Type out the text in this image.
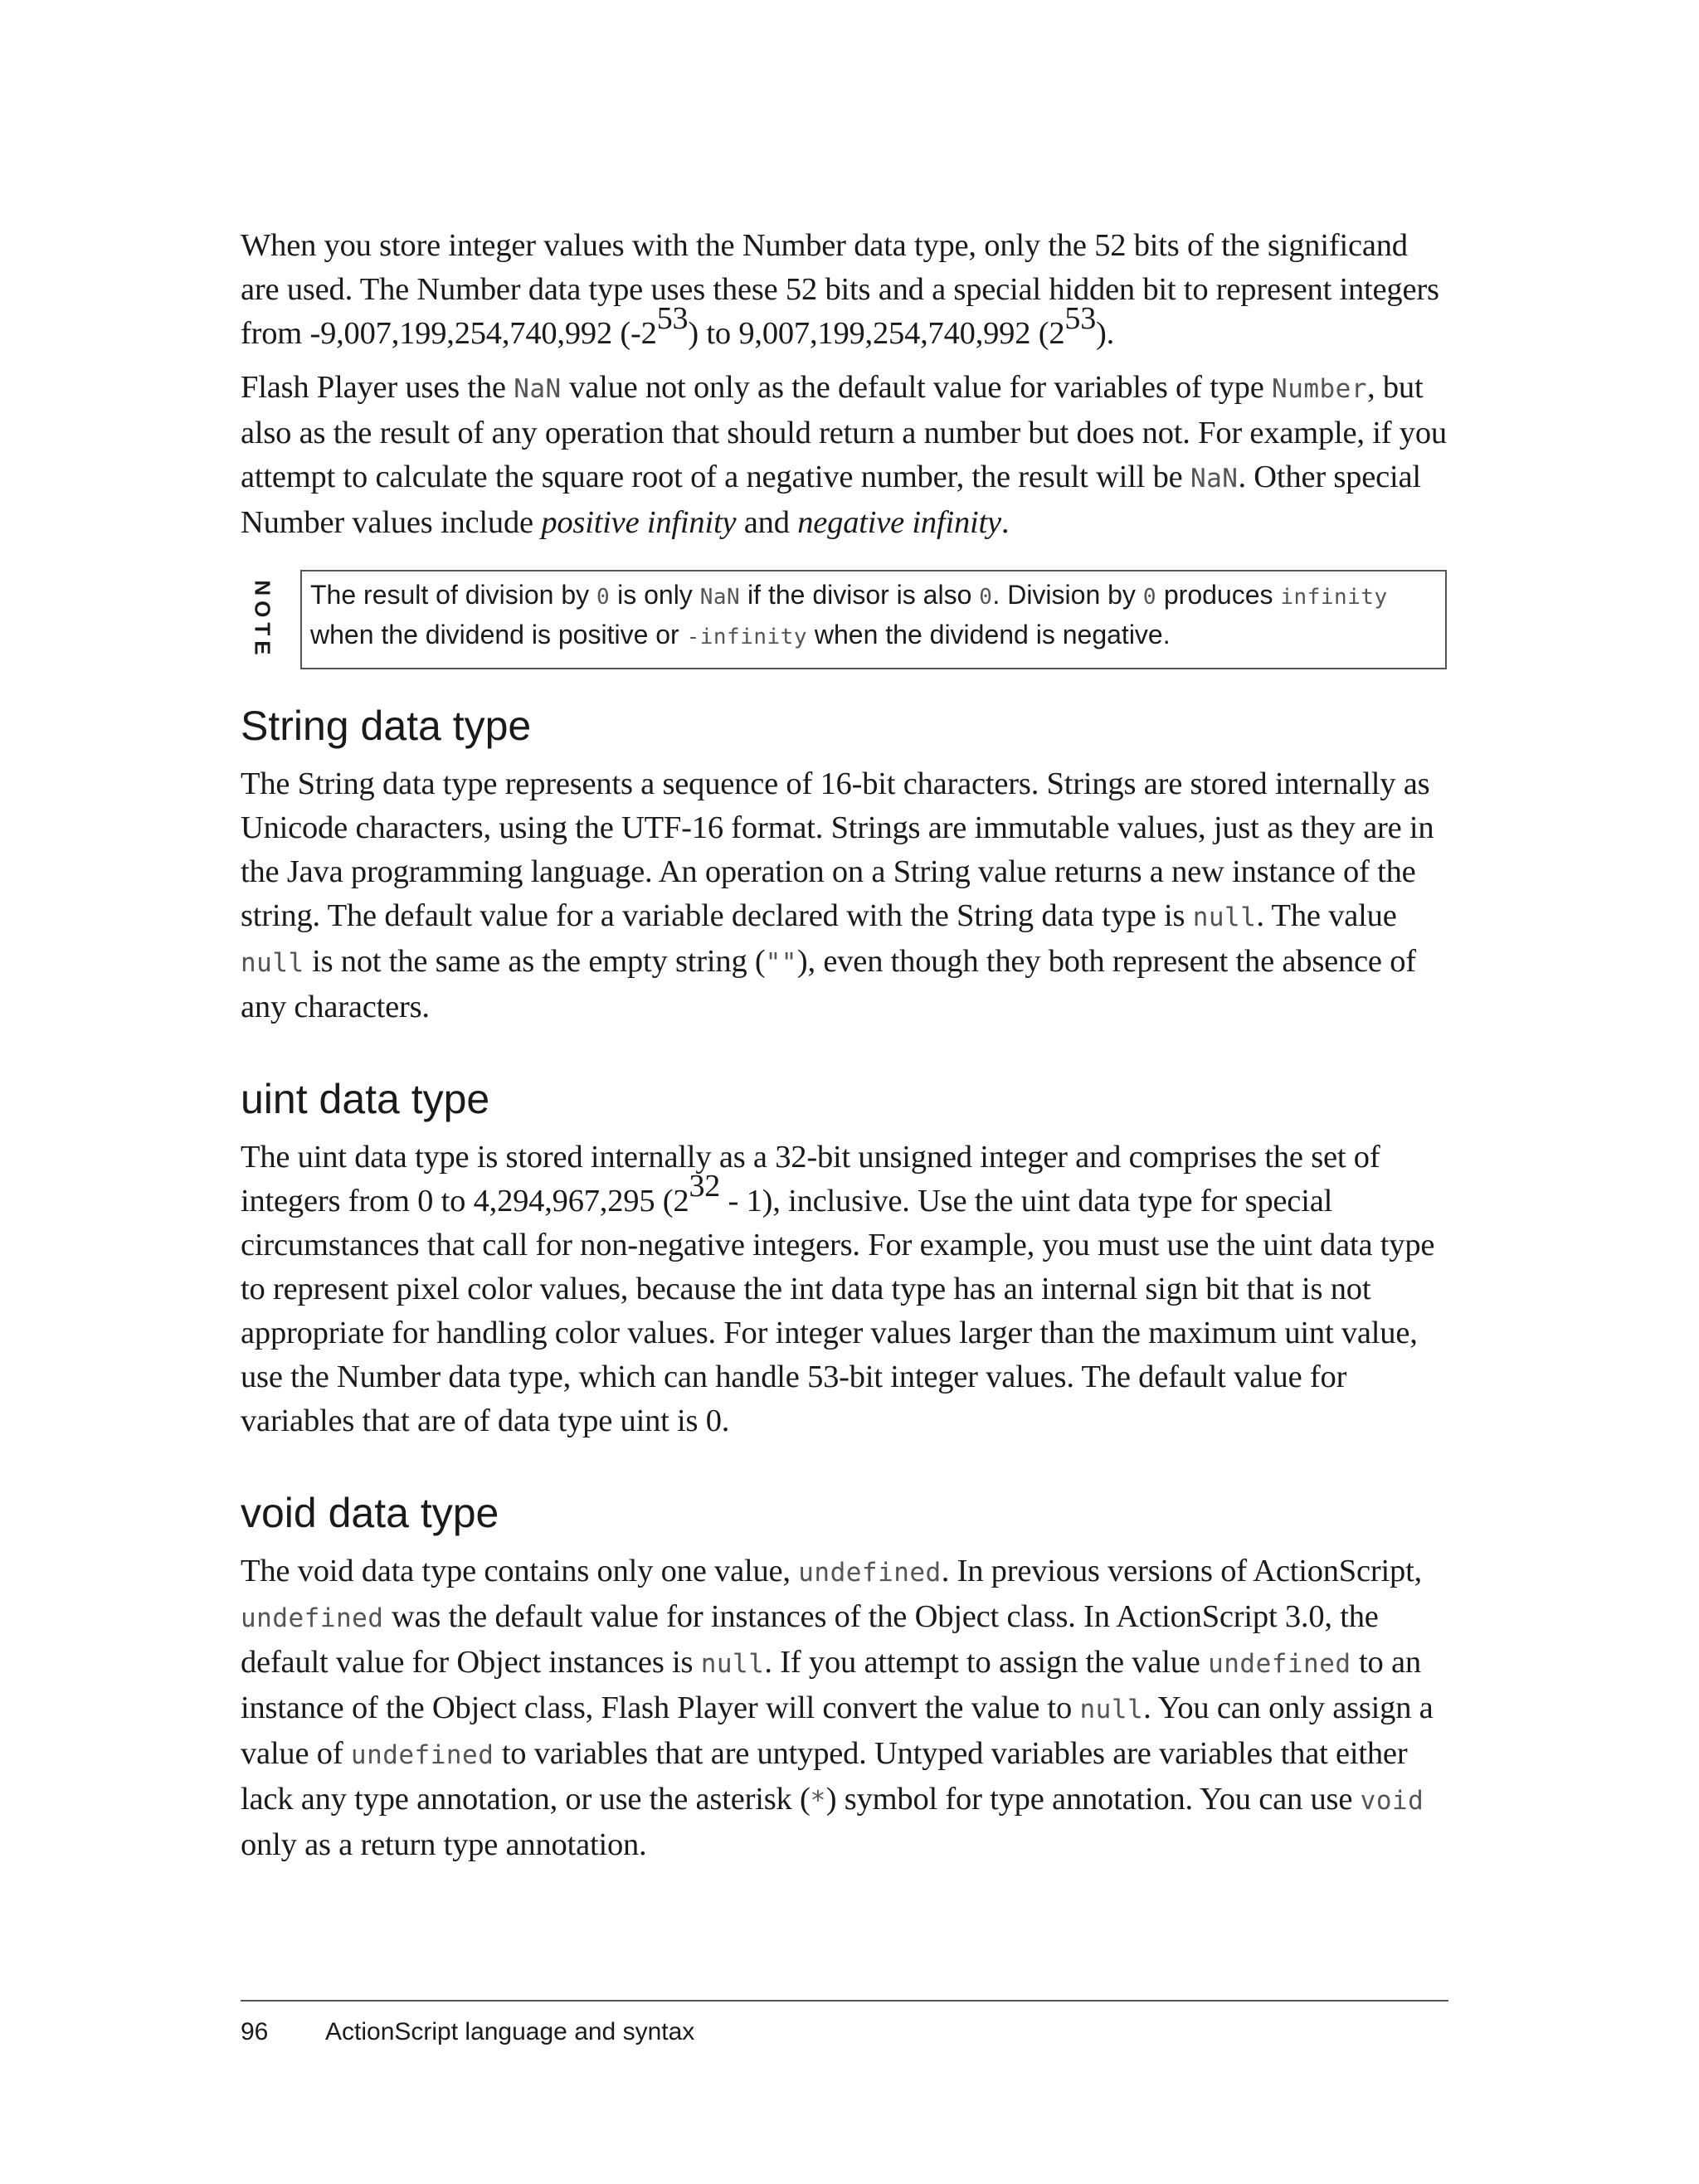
When you store integer values with the Number data type, only the 52 bits of the significand are used. The Number data type uses these 52 bits and a special hidden bit to represent integers from -9,007,199,254,740,992 (-253) to 9,007,199,254,740,992 (253).

Flash Player uses the NaN value not only as the default value for variables of type Number, but also as the result of any operation that should return a number but does not. For example, if you attempt to calculate the square root of a negative number, the result will be NaN. Other special Number values include positive infinity and negative infinity.

NOTE	The result of division by 0 is only NaN if the divisor is also 0. Division by 0 produces infinity when the dividend is positive or -infinity when the dividend is negative.
String data type

The String data type represents a sequence of 16-bit characters. Strings are stored internally as Unicode characters, using the UTF-16 format. Strings are immutable values, just as they are in the Java programming language. An operation on a String value returns a new instance of the string. The default value for a variable declared with the String data type is null. The value null is not the same as the empty string (""), even though they both represent the absence of any characters.

uint data type

The uint data type is stored internally as a 32-bit unsigned integer and comprises the set of integers from 0 to 4,294,967,295 (232 - 1), inclusive. Use the uint data type for special circumstances that call for non-negative integers. For example, you must use the uint data type to represent pixel color values, because the int data type has an internal sign bit that is not appropriate for handling color values. For integer values larger than the maximum uint value, use the Number data type, which can handle 53-bit integer values. The default value for variables that are of data type uint is 0.

void data type

The void data type contains only one value, undefined. In previous versions of ActionScript, undefined was the default value for instances of the Object class. In ActionScript 3.0, the default value for Object instances is null. If you attempt to assign the value undefined to an instance of the Object class, Flash Player will convert the value to null. You can only assign a value of undefined to variables that are untyped. Untyped variables are variables that either lack any type annotation, or use the asterisk (*) symbol for type annotation. You can use void only as a return type annotation.

96	ActionScript language and syntax
